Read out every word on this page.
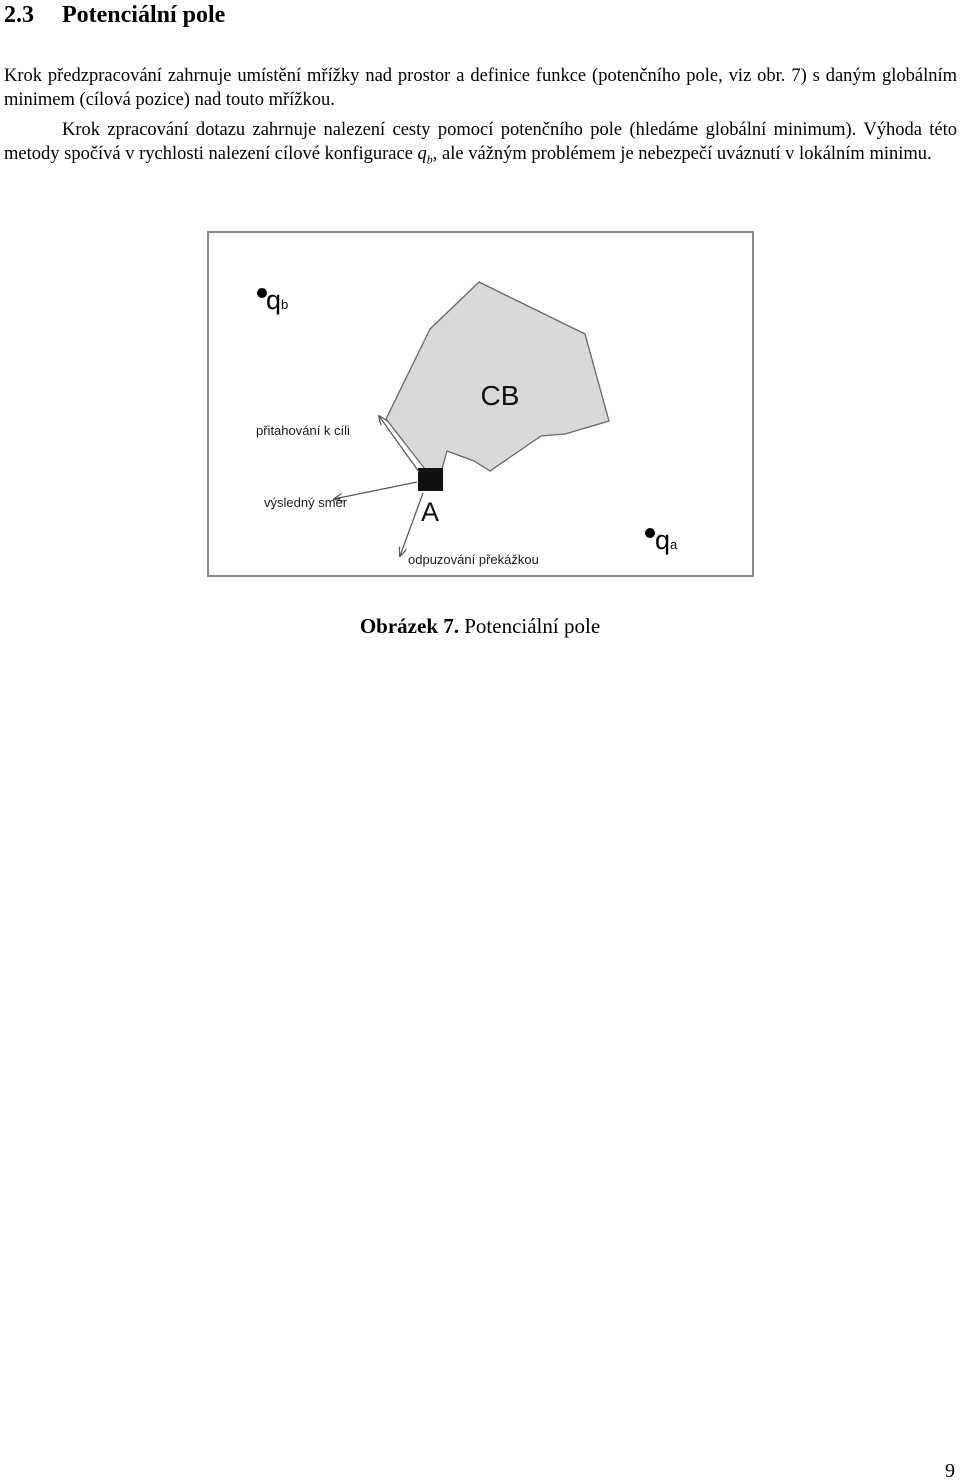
2.3 Potenciální pole

Krok předzpracování zahrnuje umístění mřížky nad prostor a definice funkce (potenčního pole, viz obr. 7) s daným globálním minimem (cílová pozice) nad touto mřížkou.

Krok zpracování dotazu zahrnuje nalezení cesty pomocí potenčního pole (hledáme globální minimum). Výhoda této metody spočívá v rychlosti nalezení cílové konfigurace $q_b$, ale vážným problémem je nebezpečí uváznutí v lokálním minimu.

CB
qb
qa
A
přitahování k cíli
výsledný směr
odpuzování překážkou
Obrázek 7. Potenciální pole
9
